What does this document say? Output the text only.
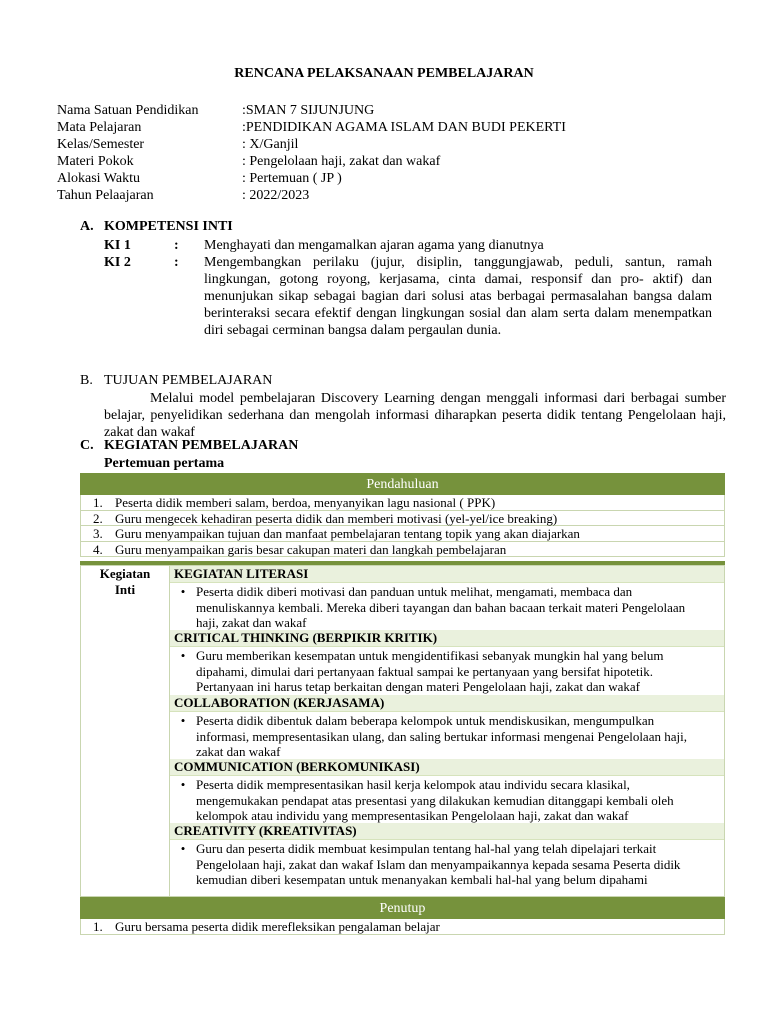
RENCANA PELAKSANAAN PEMBELAJARAN
Nama Satuan Pendidikan	:SMAN 7 SIJUNJUNG
Mata Pelajaran	:PENDIDIKAN AGAMA ISLAM DAN BUDI PEKERTI
Kelas/Semester	: X/Ganjil
Materi Pokok	: Pengelolaan haji, zakat dan wakaf
Alokasi Waktu	: Pertemuan ( JP )
Tahun Pelaajaran	: 2022/2023
A. KOMPETENSI INTI
KI 1	:	Menghayati dan mengamalkan ajaran agama yang dianutnya
KI 2	:	Mengembangkan perilaku (jujur, disiplin, tanggungjawab, peduli, santun, ramah lingkungan, gotong royong, kerjasama, cinta damai, responsif dan pro- aktif) dan menunjukan sikap sebagai bagian dari solusi atas berbagai permasalahan bangsa dalam berinteraksi secara efektif dengan lingkungan sosial dan alam serta dalam menempatkan diri sebagai cerminan bangsa dalam pergaulan dunia.
B. TUJUAN PEMBELAJARAN
Melalui model pembelajaran Discovery Learning dengan menggali informasi dari berbagai sumber belajar, penyelidikan sederhana dan mengolah informasi diharapkan peserta didik tentang Pengelolaan haji, zakat dan wakaf
C. KEGIATAN PEMBELAJARAN
Pertemuan pertama
Pendahuluan
1. Peserta didik memberi salam, berdoa, menyanyikan lagu nasional ( PPK)
2. Guru mengecek kehadiran peserta didik dan memberi motivasi (yel-yel/ice breaking)
3. Guru menyampaikan tujuan dan manfaat pembelajaran tentang topik yang akan diajarkan
4. Guru menyampaikan garis besar cakupan materi dan langkah pembelajaran
Kegiatan
Inti
KEGIATAN LITERASI
• Peserta didik diberi motivasi dan panduan untuk melihat, mengamati, membaca dan menuliskannya kembali. Mereka diberi tayangan dan bahan bacaan terkait materi Pengelolaan haji, zakat dan wakaf
CRITICAL THINKING (BERPIKIR KRITIK)
• Guru memberikan kesempatan untuk mengidentifikasi sebanyak mungkin hal yang belum dipahami, dimulai dari pertanyaan faktual sampai ke pertanyaan yang bersifat hipotetik. Pertanyaan ini harus tetap berkaitan dengan materi Pengelolaan haji, zakat dan wakaf
COLLABORATION (KERJASAMA)
• Peserta didik dibentuk dalam beberapa kelompok untuk mendiskusikan, mengumpulkan informasi, mempresentasikan ulang, dan saling bertukar informasi mengenai Pengelolaan haji, zakat dan wakaf
COMMUNICATION (BERKOMUNIKASI)
• Peserta didik mempresentasikan hasil kerja kelompok atau individu secara klasikal, mengemukakan pendapat atas presentasi yang dilakukan kemudian ditanggapi kembali oleh kelompok atau individu yang mempresentasikan Pengelolaan haji, zakat dan wakaf
CREATIVITY (KREATIVITAS)
• Guru dan peserta didik membuat kesimpulan tentang hal-hal yang telah dipelajari terkait Pengelolaan haji, zakat dan wakaf Islam dan menyampaikannya kepada sesama Peserta didik kemudian diberi kesempatan untuk menanyakan kembali hal-hal yang belum dipahami
Penutup
1. Guru bersama peserta didik merefleksikan pengalaman belajar
